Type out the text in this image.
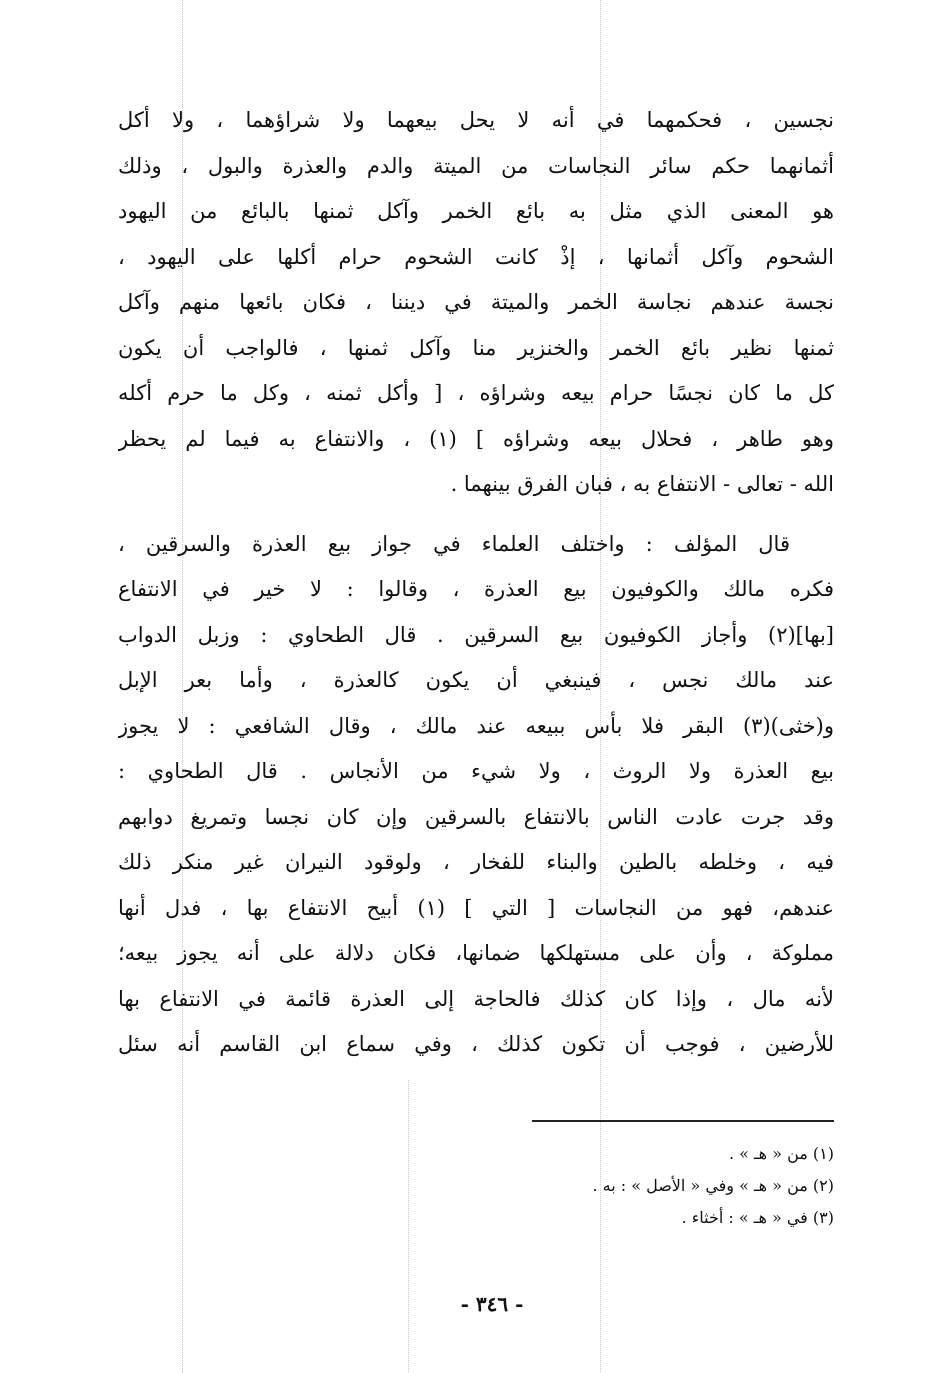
نجسين ، فحكمهما في أنه لا يحل بيعهما ولا شراؤهما ، ولا أكل
أثمانهما حكم سائر النجاسات من الميتة والدم والعذرة والبول ، وذلك
هو المعنى الذي مثل به بائع الخمر وآكل ثمنها بالبائع من اليهود
الشحوم وآكل أثمانها ، إذْ كانت الشحوم حرام أكلها على اليهود ،
نجسة عندهم نجاسة الخمر والميتة في ديننا ، فكان بائعها منهم وآكل
ثمنها نظير بائع الخمر والخنزير منا وآكل ثمنها ، فالواجب أن يكون
كل ما كان نجسًا حرام بيعه وشراؤه ، [ وأكل ثمنه ، وكل ما حرم أكله
وهو طاهر ، فحلال بيعه وشراؤه ] (١) ، والانتفاع به فيما لم يحظر
الله - تعالى - الانتفاع به ، فبان الفرق بينهما .
قال المؤلف : واختلف العلماء في جواز بيع العذرة والسرقين ،
فكره مالك والكوفيون بيع العذرة ، وقالوا : لا خير في الانتفاع
[بها](٢) وأجاز الكوفيون بيع السرقين . قال الطحاوي : وزبل الدواب
عند مالك نجس ، فينبغي أن يكون كالعذرة ، وأما بعر الإبل
و(خثى)(٣) البقر فلا بأس ببيعه عند مالك ، وقال الشافعي : لا يجوز
بيع العذرة ولا الروث ، ولا شيء من الأنجاس . قال الطحاوي :
وقد جرت عادت الناس بالانتفاع بالسرقين وإن كان نجسا وتمريغ دوابهم
فيه ، وخلطه بالطين والبناء للفخار ، ولوقود النيران غير منكر ذلك
عندهم، فهو من النجاسات [ التي ] (١) أبيح الانتفاع بها ، فدل أنها
مملوكة ، وأن على مستهلكها ضمانها، فكان دلالة على أنه يجوز بيعه؛
لأنه مال ، وإذا كان كذلك فالحاجة إلى العذرة قائمة في الانتفاع بها
للأرضين ، فوجب أن تكون كذلك ، وفي سماع ابن القاسم أنه سئل
(١) من « هـ » .
(٢) من « هـ » وفي « الأصل » : به .
(٣) في « هـ » : أخثاء .
- ٣٤٦ -
